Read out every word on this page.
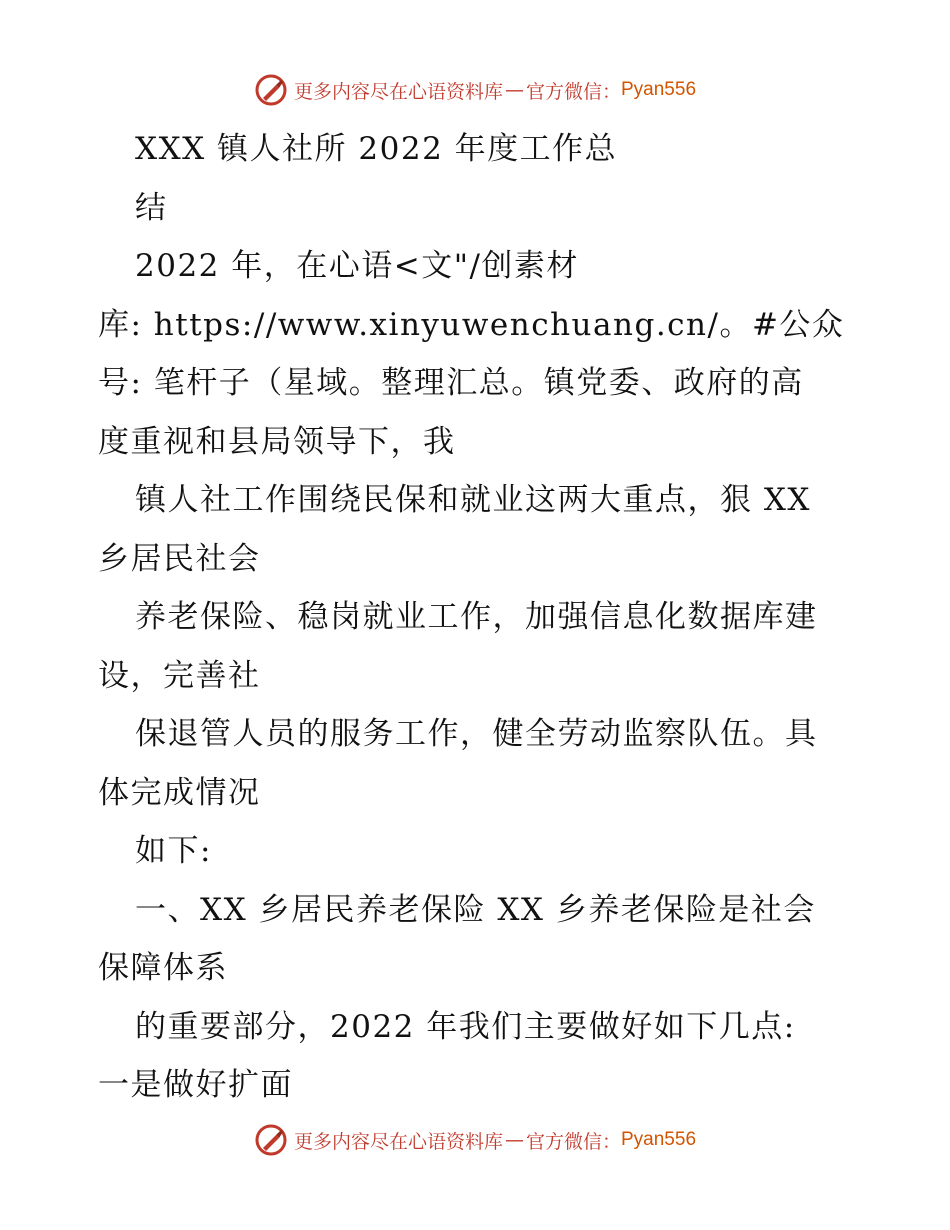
更多内容尽在心语资料库 — 官方微信： Pyan556
XXX 镇人社所 2022 年度工作总
结
2022 年，在心语<文"/创素材
库: https://www.xinyuwenchuang.cn/。#公众
号: 笔杆子（星域。整理汇总。镇党委、政府的高
度重视和县局领导下，我
镇人社工作围绕民保和就业这两大重点，狠 XX
乡居民社会
养老保险、稳岗就业工作，加强信息化数据库建
设，完善社
保退管人员的服务工作，健全劳动监察队伍。具
体完成情况
如下:
一、XX 乡居民养老保险 XX 乡养老保险是社会
保障体系
的重要部分，2022 年我们主要做好如下几点:
一是做好扩面
更多内容尽在心语资料库 — 官方微信： Pyan556
